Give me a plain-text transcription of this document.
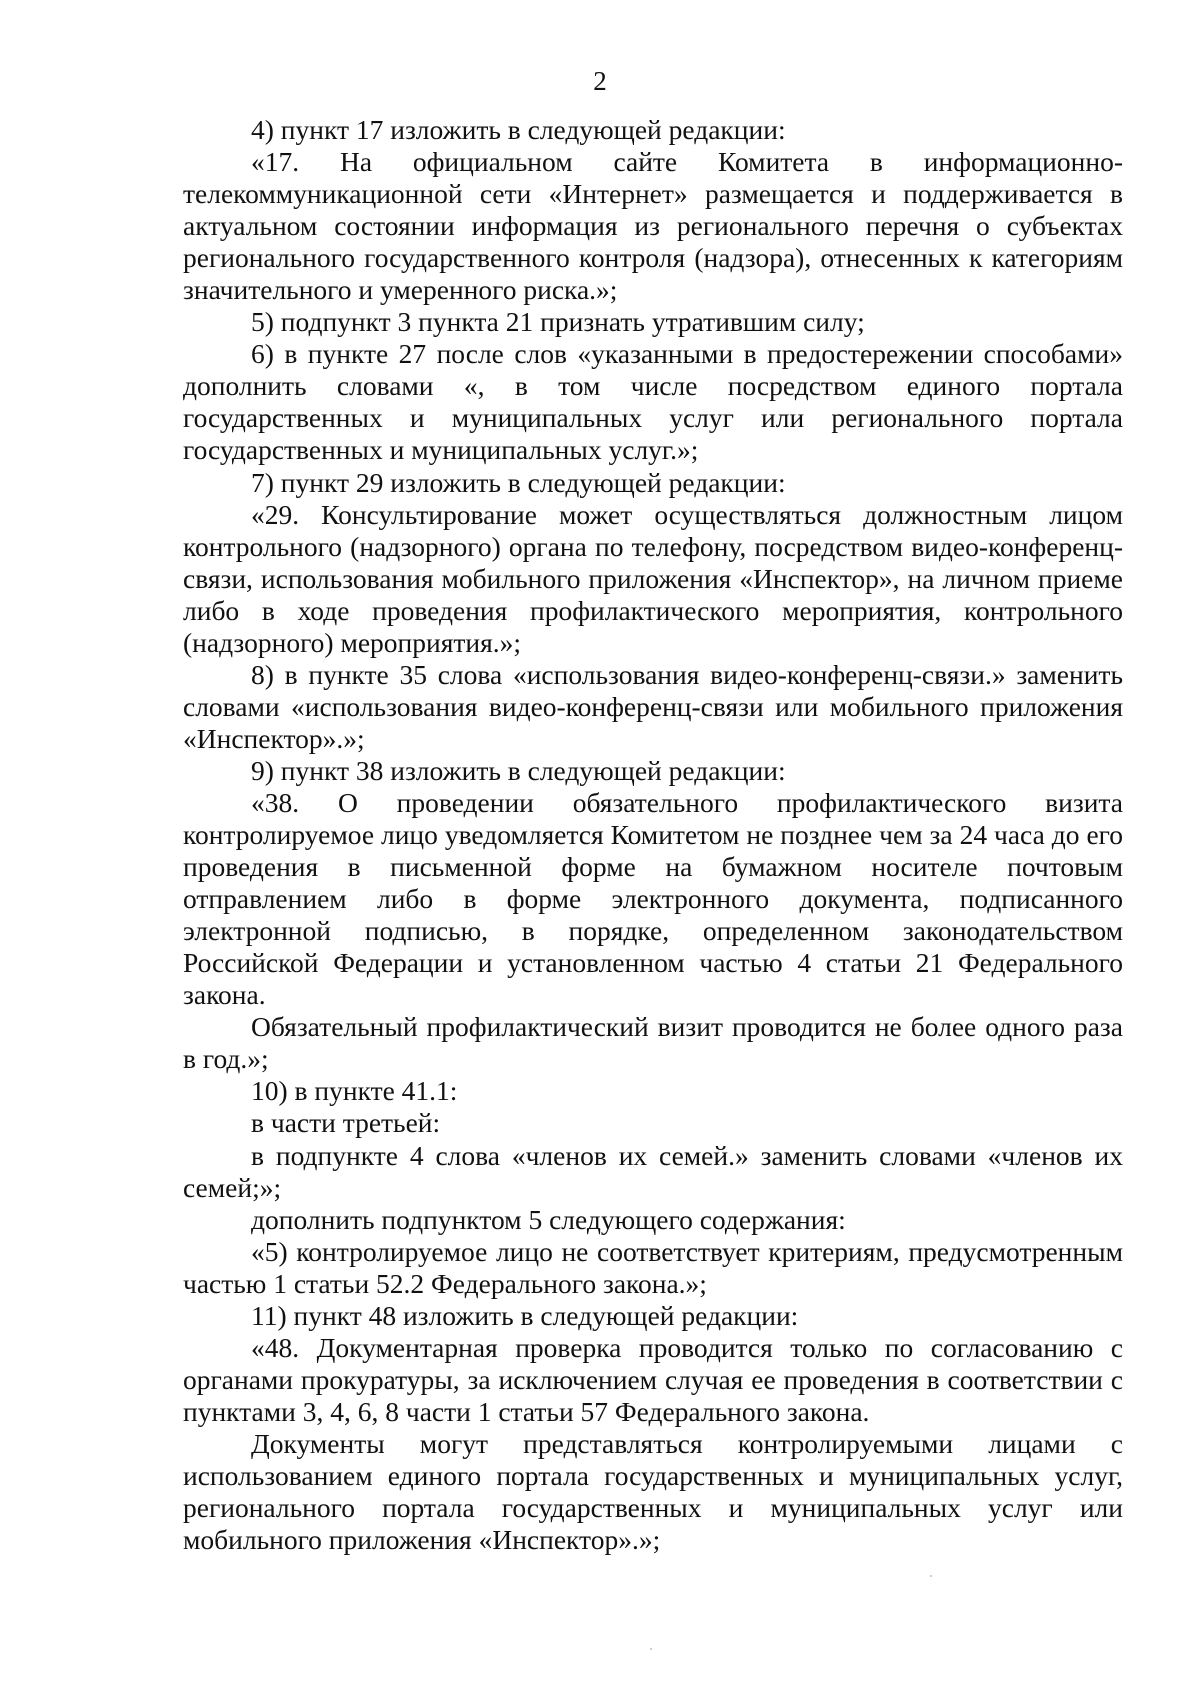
2

4) пункт 17 изложить в следующей редакции:

«17. На официальном сайте Комитета в информационно-телекоммуникационной сети «Интернет» размещается и поддерживается в актуальном состоянии информация из регионального перечня о субъектах регионального государственного контроля (надзора), отнесенных к категориям значительного и умеренного риска.»;

5) подпункт 3 пункта 21 признать утратившим силу;

6) в пункте 27 после слов «указанными в предостережении способами» дополнить словами «, в том числе посредством единого портала государственных и муниципальных услуг или регионального портала государственных и муниципальных услуг.»;

7) пункт 29 изложить в следующей редакции:

«29. Консультирование может осуществляться должностным лицом контрольного (надзорного) органа по телефону, посредством видео-конференц-связи, использования мобильного приложения «Инспектор», на личном приеме либо в ходе проведения профилактического мероприятия, контрольного (надзорного) мероприятия.»;

8) в пункте 35 слова «использования видео-конференц-связи.» заменить словами «использования видео-конференц-связи или мобильного приложения «Инспектор».»;

9) пункт 38 изложить в следующей редакции:

«38. О проведении обязательного профилактического визита контролируемое лицо уведомляется Комитетом не позднее чем за 24 часа до его проведения в письменной форме на бумажном носителе почтовым отправлением либо в форме электронного документа, подписанного электронной подписью, в порядке, определенном законодательством Российской Федерации и установленном частью 4 статьи 21 Федерального закона.

Обязательный профилактический визит проводится не более одного раза в год.»;

10) в пункте 41.1:

в части третьей:

в подпункте 4 слова «членов их семей.» заменить словами «членов их семей;»;

дополнить подпунктом 5 следующего содержания:

«5) контролируемое лицо не соответствует критериям, предусмотренным частью 1 статьи 52.2 Федерального закона.»;

11) пункт 48 изложить в следующей редакции:

«48. Документарная проверка проводится только по согласованию с органами прокуратуры, за исключением случая ее проведения в соответствии с пунктами 3, 4, 6, 8 части 1 статьи 57 Федерального закона.

Документы могут представляться контролируемыми лицами с использованием единого портала государственных и муниципальных услуг, регионального портала государственных и муниципальных услуг или мобильного приложения «Инспектор».»;
